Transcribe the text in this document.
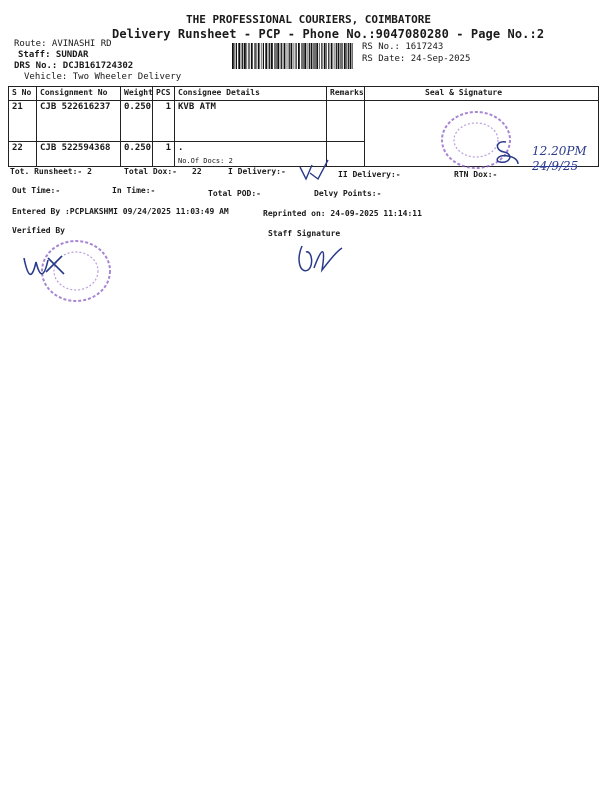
THE PROFESSIONAL COURIERS, COIMBATORE
Delivery Runsheet - PCP - Phone No.:9047080280 - Page No.:2
Route: AVINASHI RD
Staff: SUNDAR
DRS No.: DCJB161724302
Vehicle: Two Wheeler Delivery
RS No.: 1617243
RS Date: 24-Sep-2025
S No	Consignment No	Weight	PCS	Consignee Details	Remarks	Seal & Signature
21	CJB 522616237	0.250	1	KVB ATM		
22	CJB 522594368	0.250	1	.
No.Of Docs: 2		

Tot. Runsheet:- 2	Total Dox:- 22	I Delivery:-	II Delivery:-	RTN Dox:-
Out Time:-	In Time:-	Total POD:-	Delvy Points:-
Entered By :PCPLAKSHMI 09/24/2025 11:03:49 AM	Reprinted on: 24-09-2025 11:14:11
Verified By	Staff Signature
12.20PM
24/9/25
